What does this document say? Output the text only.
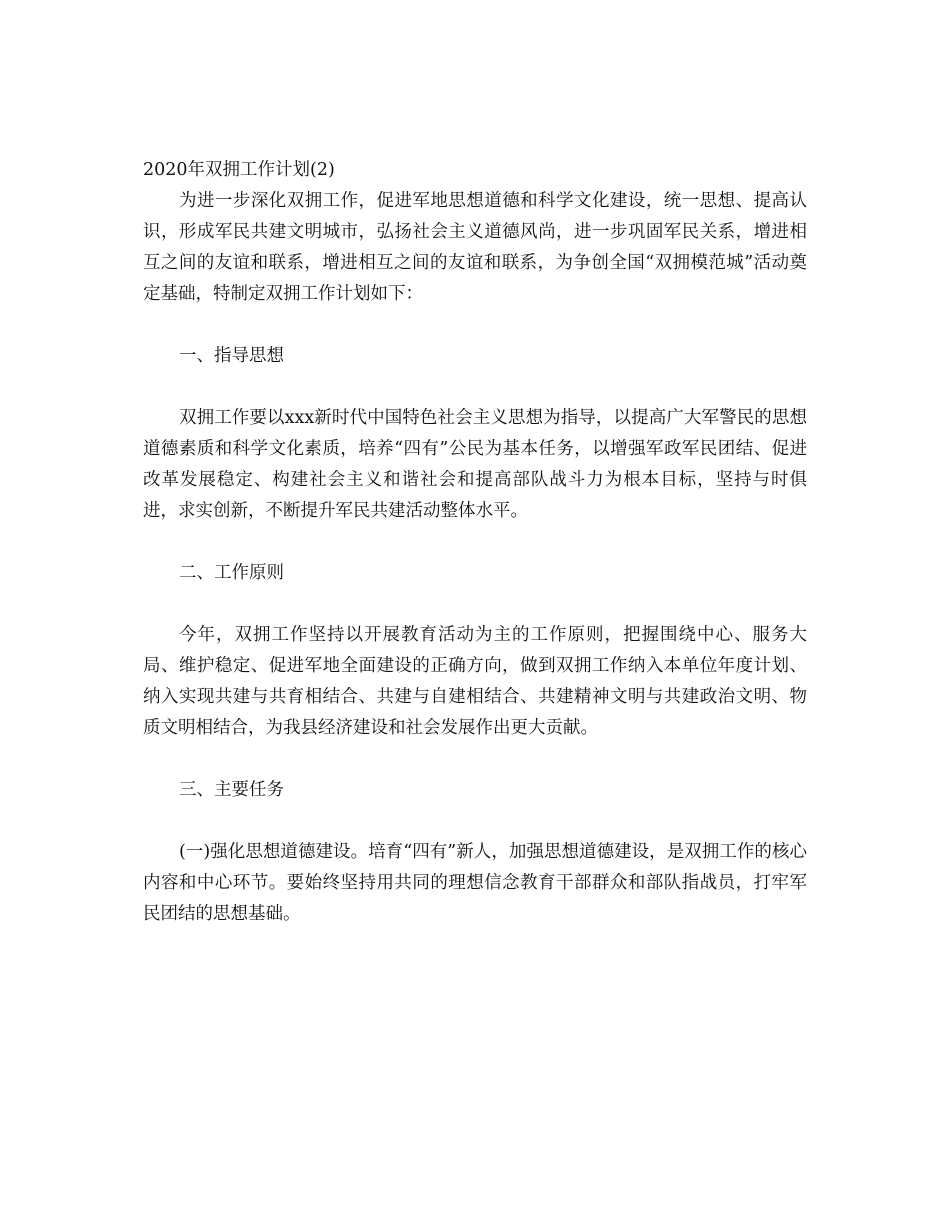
2020年双拥工作计划(2)

为进一步深化双拥工作，促进军地思想道德和科学文化建设，统一思想、提高认识，形成军民共建文明城市，弘扬社会主义道德风尚，进一步巩固军民关系，增进相互之间的友谊和联系，增进相互之间的友谊和联系，为争创全国“双拥模范城”活动奠定基础，特制定双拥工作计划如下：

一、指导思想

双拥工作要以xxx新时代中国特色社会主义思想为指导，以提高广大军警民的思想道德素质和科学文化素质，培养“四有”公民为基本任务，以增强军政军民团结、促进改革发展稳定、构建社会主义和谐社会和提高部队战斗力为根本目标，坚持与时俱进，求实创新，不断提升军民共建活动整体水平。

二、工作原则

今年，双拥工作坚持以开展教育活动为主的工作原则，把握围绕中心、服务大局、维护稳定、促进军地全面建设的正确方向，做到双拥工作纳入本单位年度计划、纳入实现共建与共育相结合、共建与自建相结合、共建精神文明与共建政治文明、物质文明相结合，为我县经济建设和社会发展作出更大贡献。

三、主要任务

(一)强化思想道德建设。培育“四有”新人，加强思想道德建设，是双拥工作的核心内容和中心环节。要始终坚持用共同的理想信念教育干部群众和部队指战员，打牢军民团结的思想基础。
